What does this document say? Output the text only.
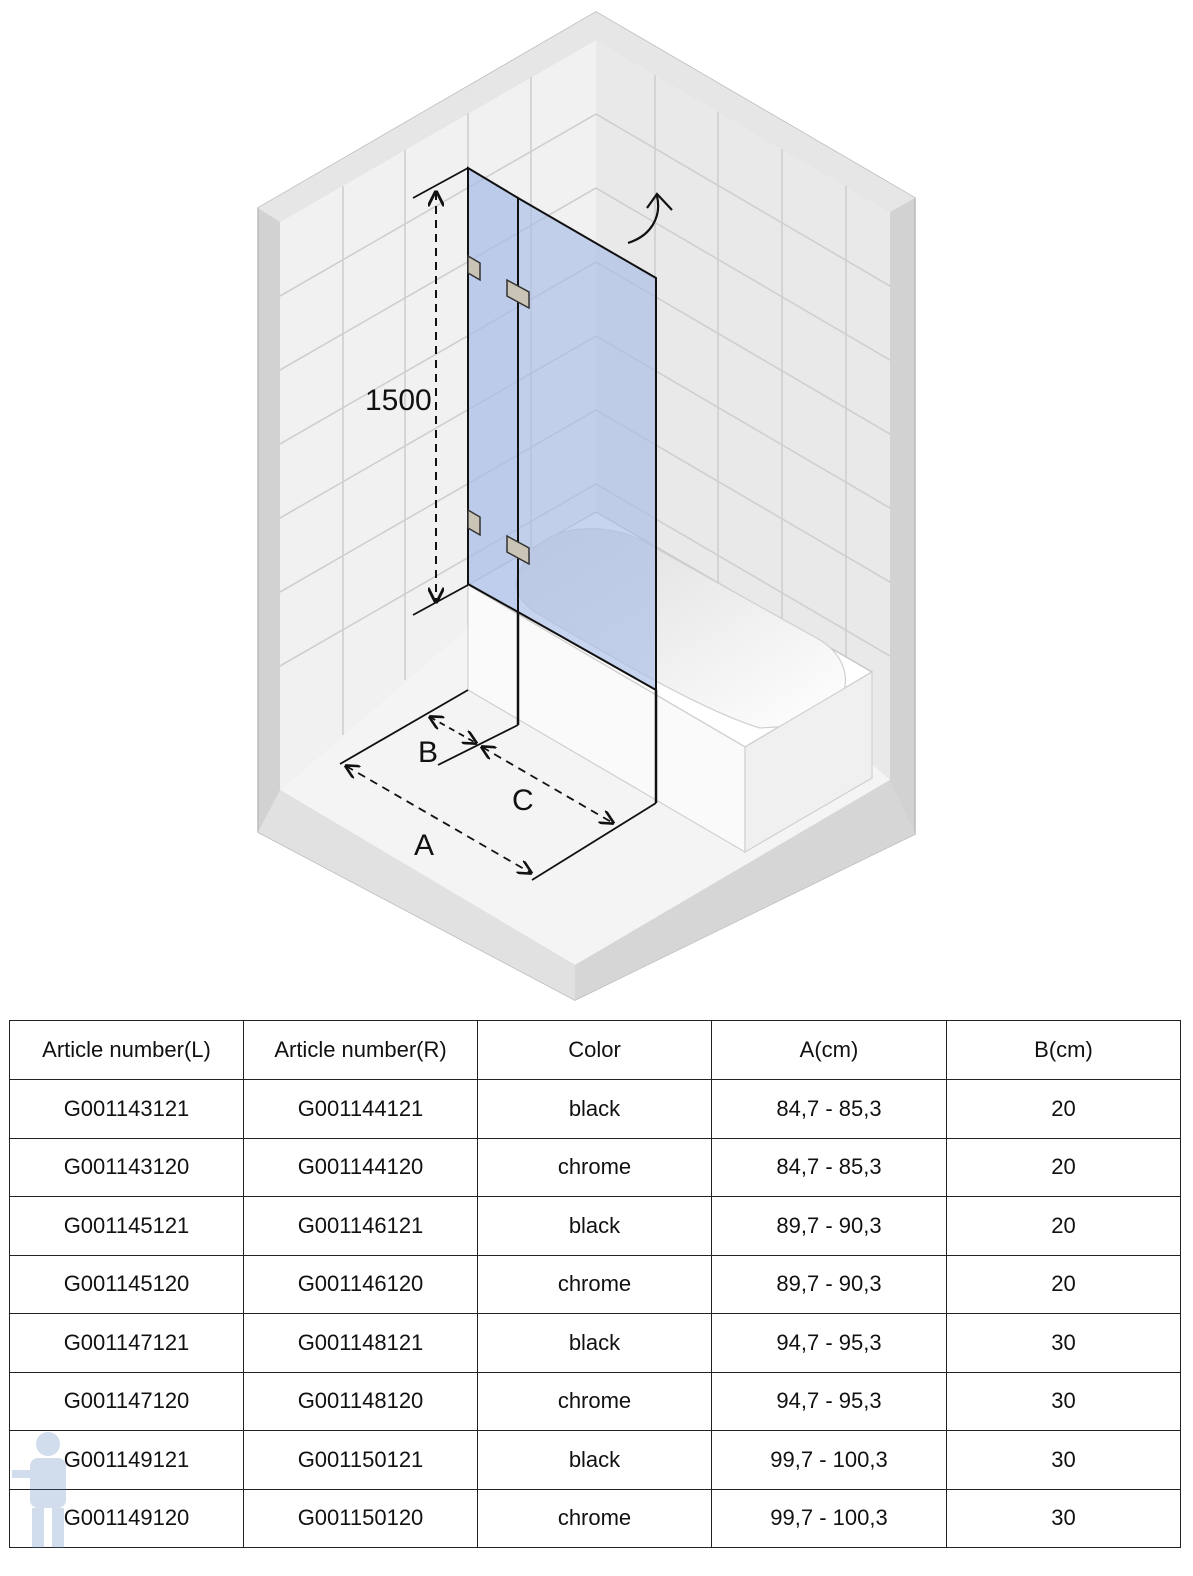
1500
B
C
A
Article number(L)	Article number(R)	Color	A(cm)	B(cm)
G001143121	G001144121	black	84,7 - 85,3	20
G001143120	G001144120	chrome	84,7 - 85,3	20
G001145121	G001146121	black	89,7 - 90,3	20
G001145120	G001146120	chrome	89,7 - 90,3	20
G001147121	G001148121	black	94,7 - 95,3	30
G001147120	G001148120	chrome	94,7 - 95,3	30
G001149121	G001150121	black	99,7 - 100,3	30
G001149120	G001150120	chrome	99,7 - 100,3	30
